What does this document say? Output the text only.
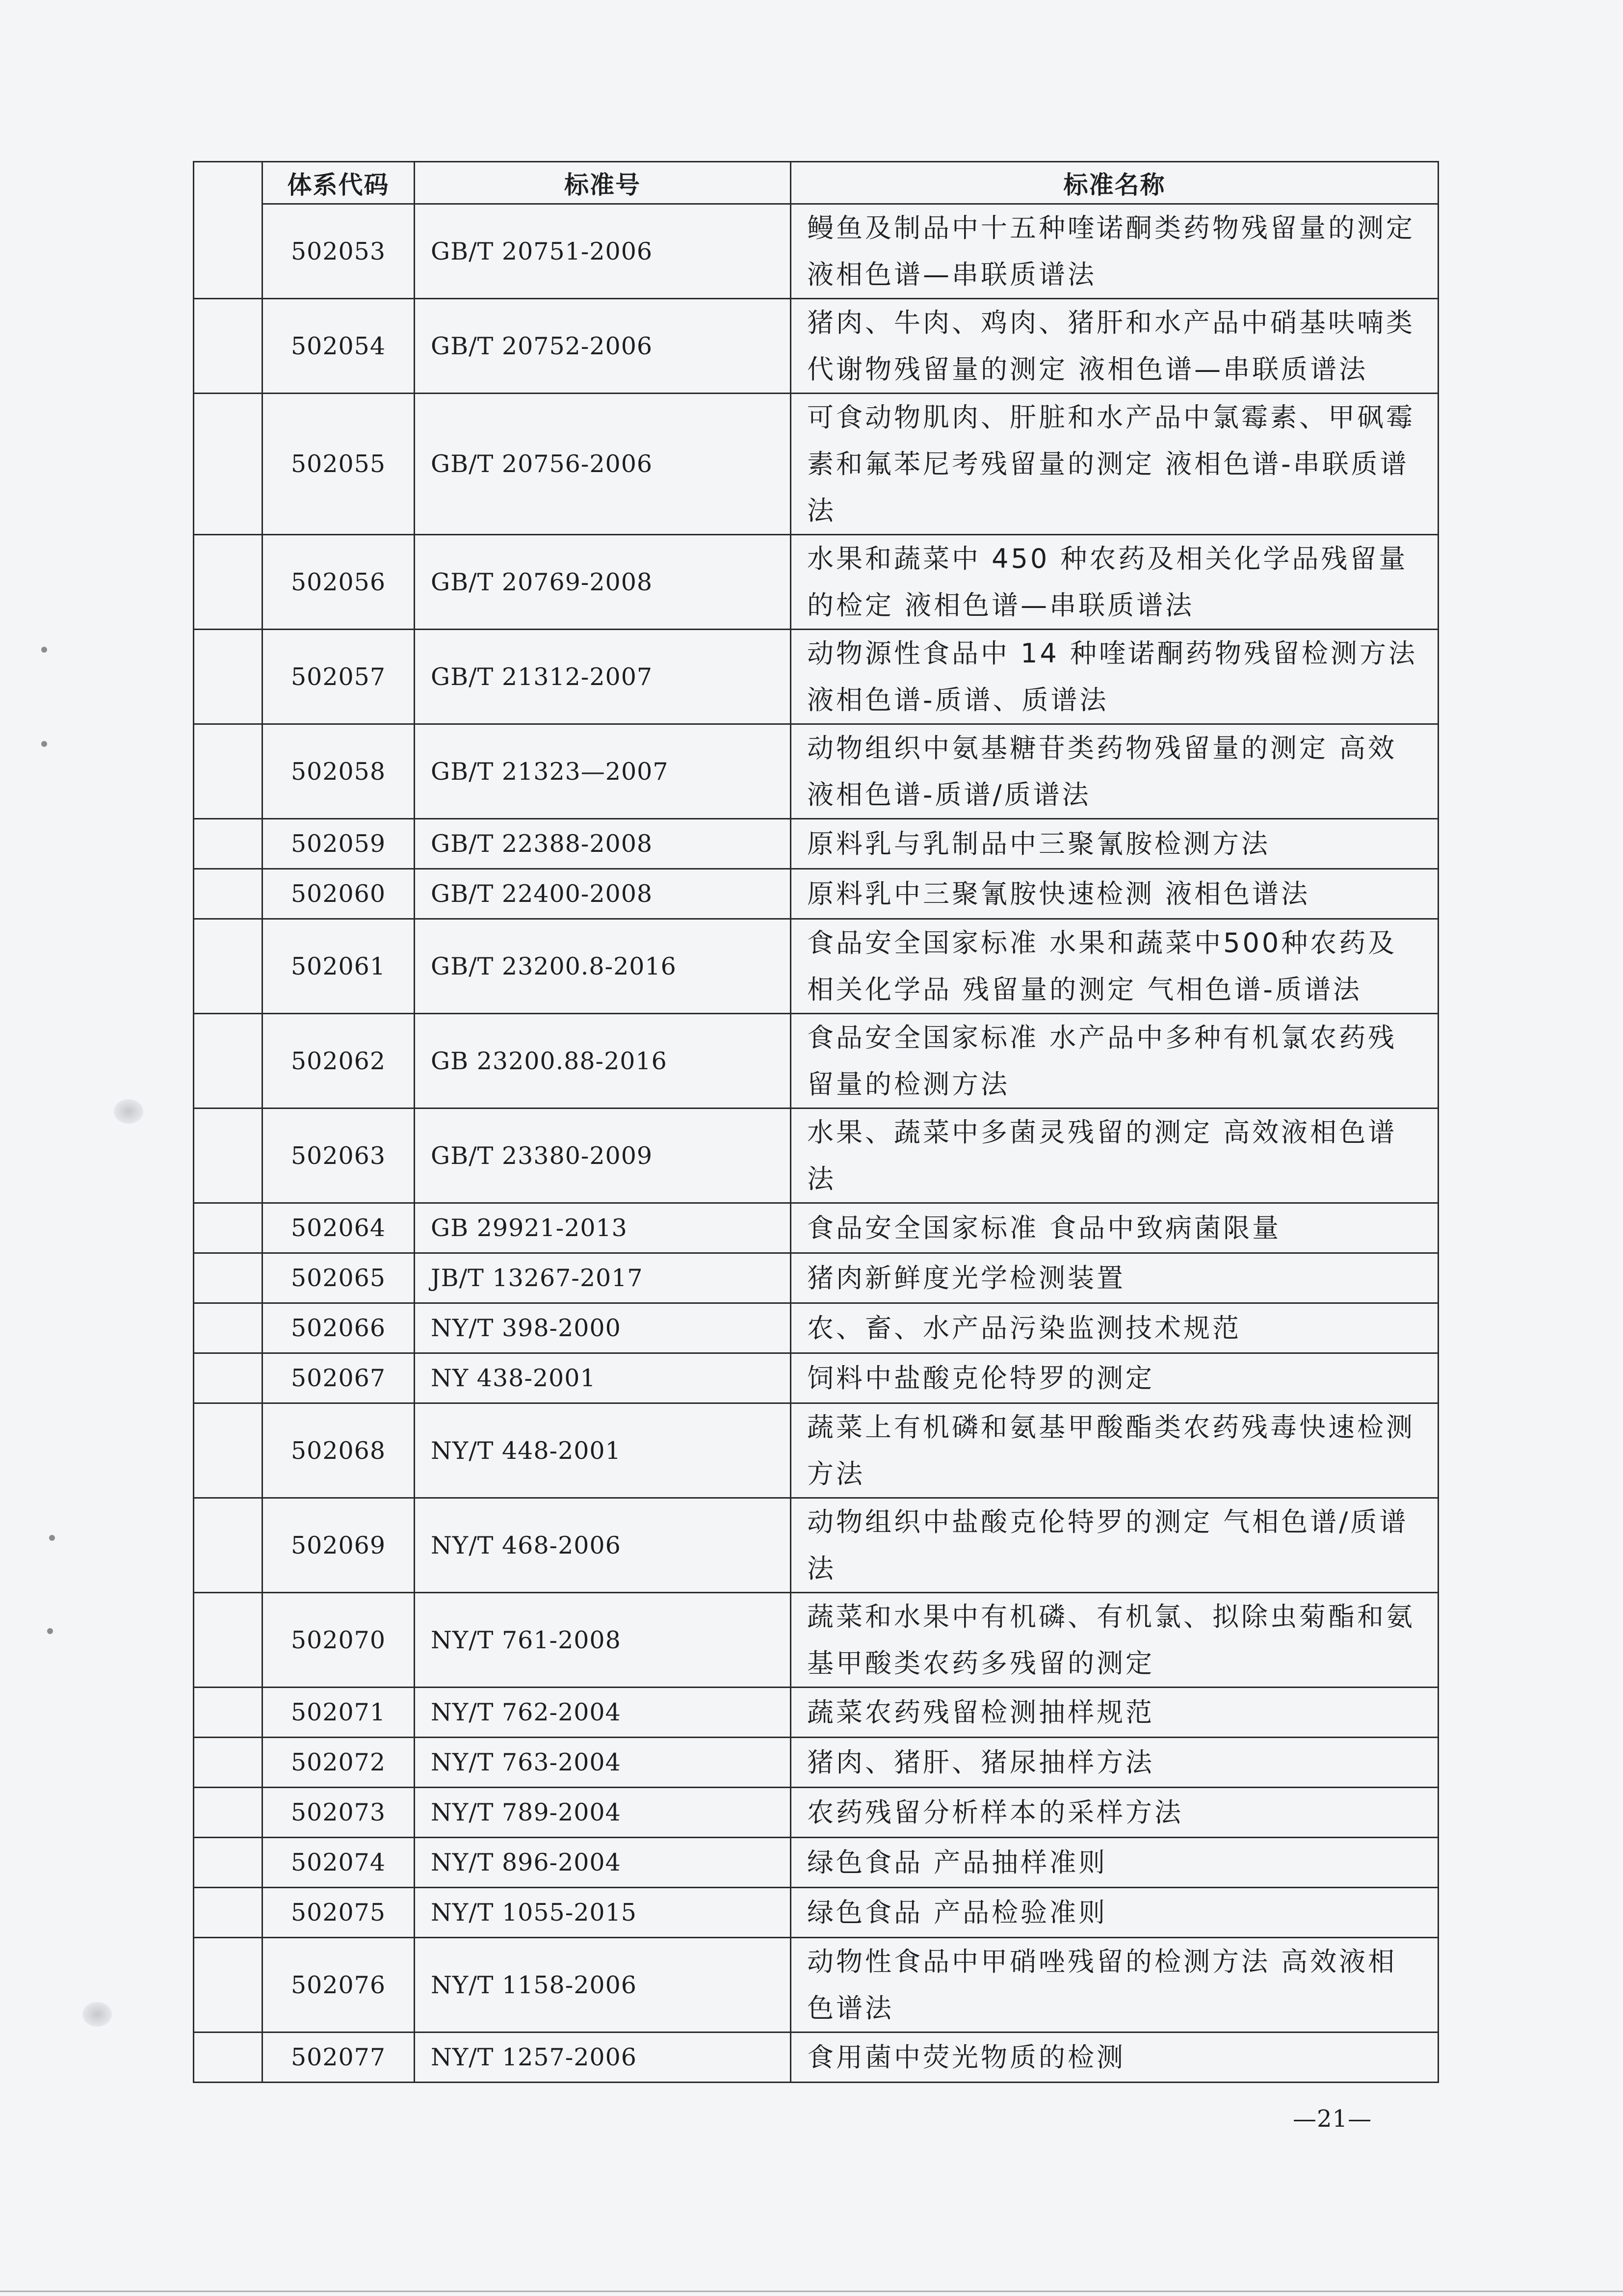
	体系代码	标准号	标准名称
	502053	GB/T 20751-2006	鳗鱼及制品中十五种喹诺酮类药物残留量的测定 液相色谱—串联质谱法
	502054	GB/T 20752-2006	猪肉、牛肉、鸡肉、猪肝和水产品中硝基呋喃类代谢物残留量的测定 液相色谱—串联质谱法
	502055	GB/T 20756-2006	可食动物肌肉、肝脏和水产品中氯霉素、甲砜霉素和氟苯尼考残留量的测定 液相色谱-串联质谱法
	502056	GB/T 20769-2008	水果和蔬菜中 450 种农药及相关化学品残留量的检定 液相色谱—串联质谱法
	502057	GB/T 21312-2007	动物源性食品中 14 种喹诺酮药物残留检测方法 液相色谱-质谱、质谱法
	502058	GB/T 21323—2007	动物组织中氨基糖苷类药物残留量的测定 高效液相色谱-质谱/质谱法
	502059	GB/T 22388-2008	原料乳与乳制品中三聚氰胺检测方法
	502060	GB/T 22400-2008	原料乳中三聚氰胺快速检测 液相色谱法
	502061	GB/T 23200.8-2016	食品安全国家标准 水果和蔬菜中500种农药及相关化学品 残留量的测定 气相色谱-质谱法
	502062	GB 23200.88-2016	食品安全国家标准 水产品中多种有机氯农药残留量的检测方法
	502063	GB/T 23380-2009	水果、蔬菜中多菌灵残留的测定 高效液相色谱法
	502064	GB 29921-2013	食品安全国家标准 食品中致病菌限量
	502065	JB/T 13267-2017	猪肉新鲜度光学检测装置
	502066	NY/T 398-2000	农、畜、水产品污染监测技术规范
	502067	NY 438-2001	饲料中盐酸克伦特罗的测定
	502068	NY/T 448-2001	蔬菜上有机磷和氨基甲酸酯类农药残毒快速检测方法
	502069	NY/T 468-2006	动物组织中盐酸克伦特罗的测定 气相色谱/质谱法
	502070	NY/T 761-2008	蔬菜和水果中有机磷、有机氯、拟除虫菊酯和氨基甲酸类农药多残留的测定
	502071	NY/T 762-2004	蔬菜农药残留检测抽样规范
	502072	NY/T 763-2004	猪肉、猪肝、猪尿抽样方法
	502073	NY/T 789-2004	农药残留分析样本的采样方法
	502074	NY/T 896-2004	绿色食品 产品抽样准则
	502075	NY/T 1055-2015	绿色食品 产品检验准则
	502076	NY/T 1158-2006	动物性食品中甲硝唑残留的检测方法 高效液相色谱法
	502077	NY/T 1257-2006	食用菌中荧光物质的检测
—21—
